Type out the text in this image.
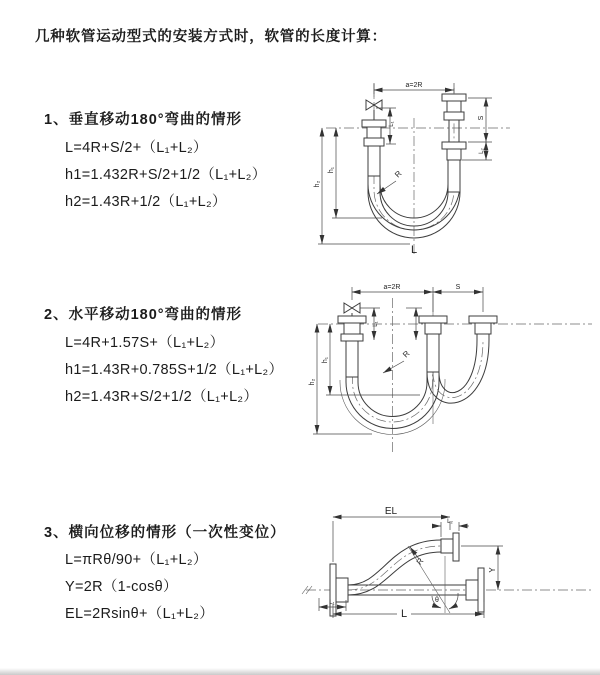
几种软管运动型式的安装方式时，软管的长度计算：
1、垂直移动180°弯曲的情形
L=4R+S/2+（L₁+L₂）
h1=1.432R+S/2+1/2（L₁+L₂）
h2=1.43R+1/2（L₁+L₂）
a=2R
S
L₂
L₁
h₁
h₂
R
L
2、水平移动180°弯曲的情形
L=4R+1.57S+（L₁+L₂）
h1=1.43R+0.785S+1/2（L₁+L₂）
h2=1.43R+S/2+1/2（L₁+L₂）
a=2R	S
L₁
h₁
h₂
R
3、横向位移的情形（一次性变位）
L=πRθ/90+（L₁+L₂）
Y=2R（1-cosθ）
EL=2Rsinθ+（L₁+L₂）
EL
L₂
Y
L
L₁
R
θ
